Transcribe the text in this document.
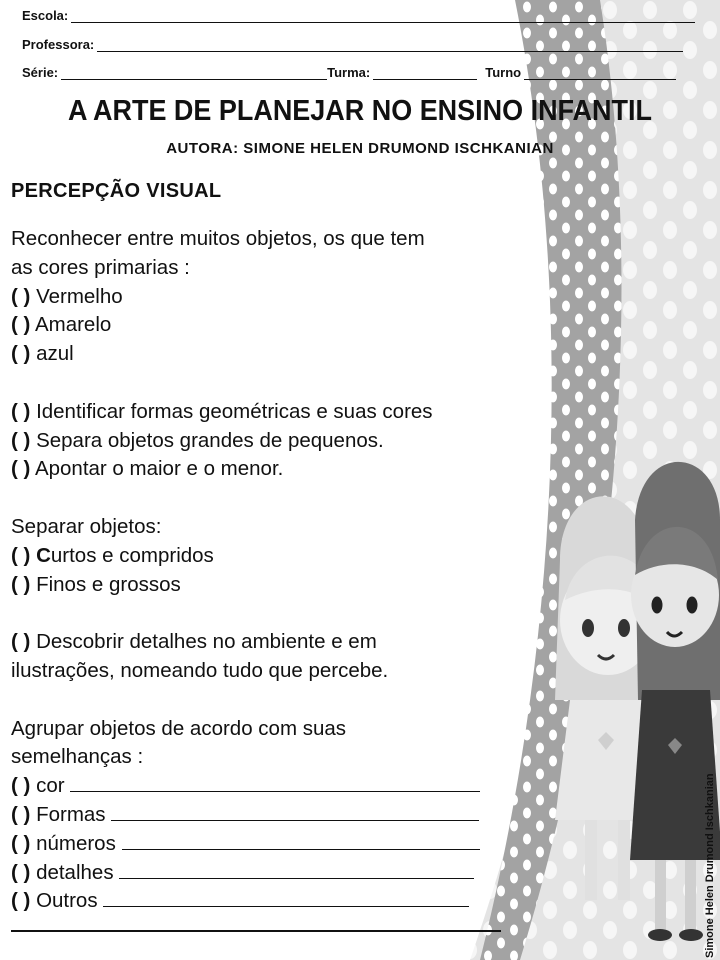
Escola:
Professora:
Série:	Turma:	Turno
A ARTE DE PLANEJAR NO ENSINO INFANTIL
AUTORA: SIMONE HELEN DRUMOND ISCHKANIAN
PERCEPÇÃO VISUAL
Reconhecer entre muitos objetos, os que tem
as cores primarias :
( ) Vermelho
( ) Amarelo
( ) azul
( ) Identificar formas geométricas e suas cores
( ) Separa objetos grandes de pequenos.
( ) Apontar o maior e o menor.
Separar objetos:
( ) Curtos e compridos
( ) Finos e grossos
( ) Descobrir detalhes no ambiente e em
ilustrações, nomeando tudo que percebe.
Agrupar objetos de acordo com suas
semelhanças :
( ) cor
( ) Formas
( ) números
( ) detalhes
( ) Outros	Simone Helen Drumond Ischkanian
